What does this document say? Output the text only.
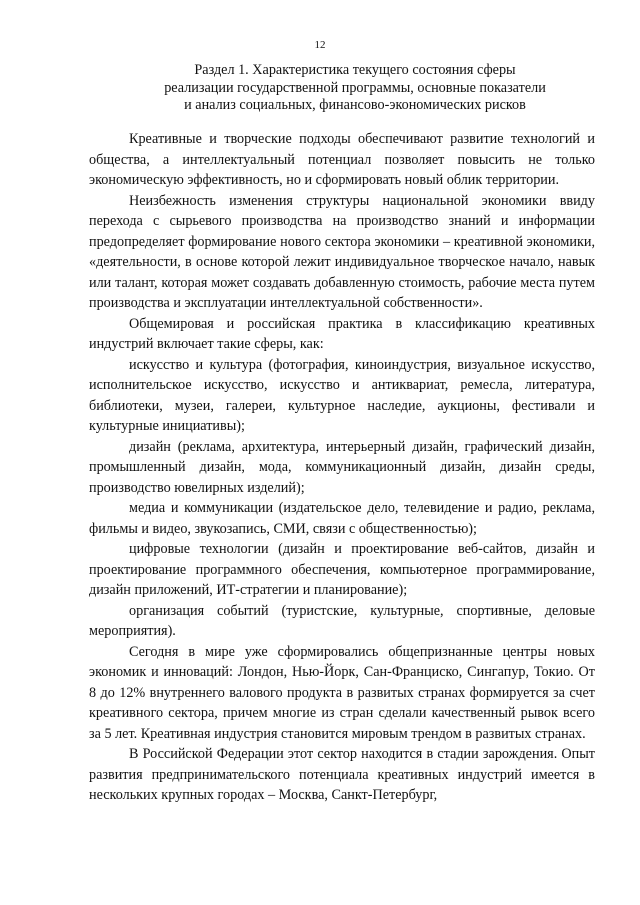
12
Раздел 1. Характеристика текущего состояния сферы
реализации государственной программы, основные показатели
и анализ социальных, финансово-экономических рисков

Креативные и творческие подходы обеспечивают развитие технологий и общества, а интеллектуальный потенциал позволяет повысить не только экономическую эффективность, но и сформировать новый облик территории.

Неизбежность изменения структуры национальной экономики ввиду перехода с сырьевого производства на производство знаний и информации предопределяет формирование нового сектора экономики – креативной экономики, «деятельности, в основе которой лежит индивидуальное творческое начало, навык или талант, которая может создавать добавленную стоимость, рабочие места путем производства и эксплуатации интеллектуальной собственности».

Общемировая и российская практика в классификацию креативных индустрий включает такие сферы, как:

искусство и культура (фотография, киноиндустрия, визуальное искусство, исполнительское искусство, искусство и антиквариат, ремесла, литература, библиотеки, музеи, галереи, культурное наследие, аукционы, фестивали и культурные инициативы);

дизайн (реклама, архитектура, интерьерный дизайн, графический дизайн, промышленный дизайн, мода, коммуникационный дизайн, дизайн среды, производство ювелирных изделий);

медиа и коммуникации (издательское дело, телевидение и радио, реклама, фильмы и видео, звукозапись, СМИ, связи с общественностью);

цифровые технологии (дизайн и проектирование веб-сайтов, дизайн и проектирование программного обеспечения, компьютерное программирование, дизайн приложений, ИТ-стратегии и планирование);

организация событий (туристские, культурные, спортивные, деловые мероприятия).

Сегодня в мире уже сформировались общепризнанные центры новых экономик и инноваций: Лондон, Нью-Йорк, Сан-Франциско, Сингапур, Токио. От 8 до 12% внутреннего валового продукта в развитых странах формируется за счет креативного сектора, причем многие из стран сделали качественный рывок всего за 5 лет. Креативная индустрия становится мировым трендом в развитых странах.

В Российской Федерации этот сектор находится в стадии зарождения. Опыт развития предпринимательского потенциала креативных индустрий имеется в нескольких крупных городах – Москва, Санкт-Петербург,
